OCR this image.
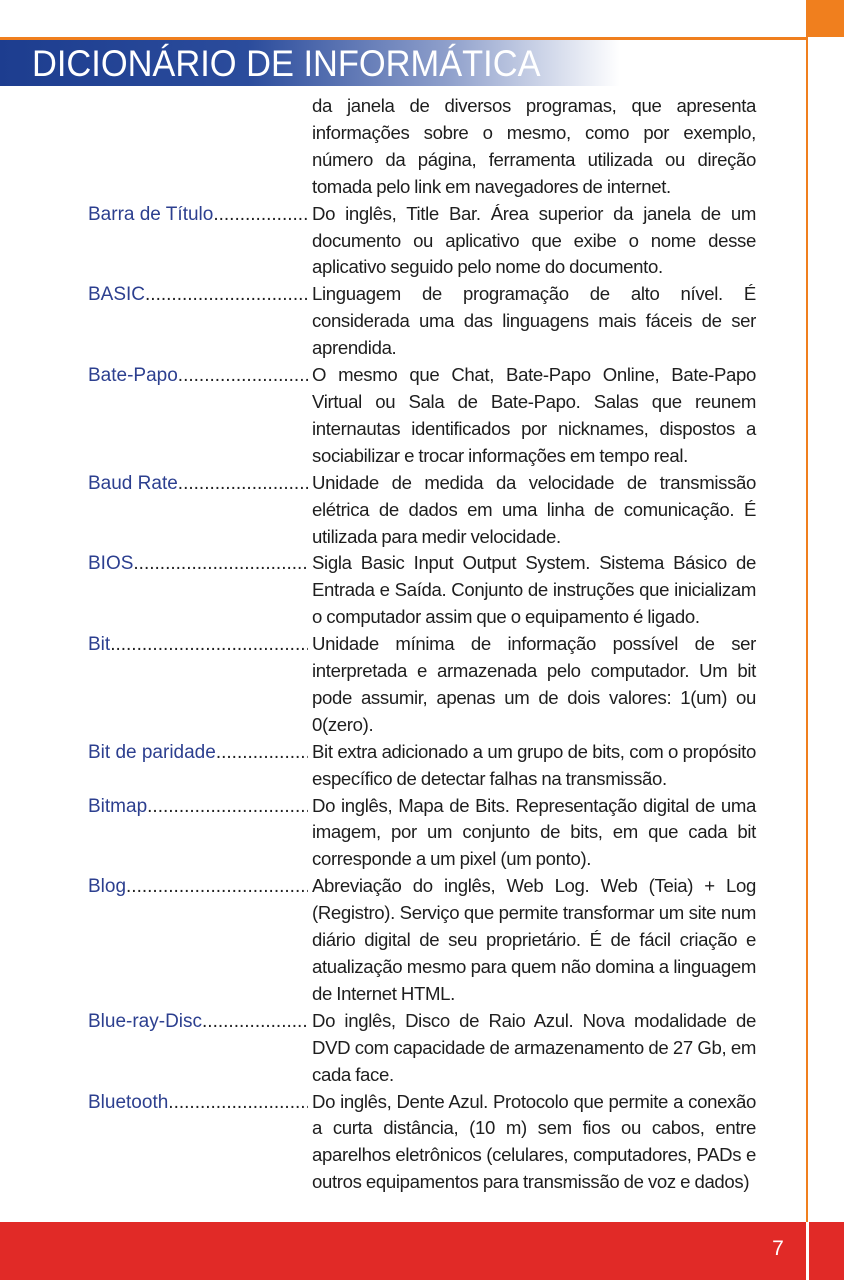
DICIONÁRIO DE INFORMÁTICA
da janela de diversos programas, que apresenta informações sobre o mesmo, como por exemplo, número da página, ferramenta utilizada ou direção tomada pelo link em navegadores de internet.
Barra de Título .....	Do inglês, Title Bar. Área superior da janela de um documento ou aplicativo que exibe o nome desse aplicativo seguido pelo nome do documento.
BASIC .....	Linguagem de programação de alto nível. É considerada uma das linguagens mais fáceis de ser aprendida.
Bate-Papo .....	O mesmo que Chat, Bate-Papo Online, Bate-Papo Virtual ou Sala de Bate-Papo. Salas que reunem internautas identificados por nicknames, dispostos a sociabilizar e trocar informações em tempo real.
Baud Rate .....	Unidade de medida da velocidade de transmissão elétrica de dados em uma linha de comunicação. É utilizada para medir velocidade.
BIOS .....	Sigla Basic Input Output System. Sistema Básico de Entrada e Saída. Conjunto de instruções que inicializam o computador assim que o equipamento é ligado.
Bit .....	Unidade mínima de informação possível de ser interpretada e armazenada pelo computador. Um bit pode assumir, apenas um de dois valores: 1(um) ou 0(zero).
Bit de paridade .....	Bit extra adicionado a um grupo de bits, com o propósito específico de detectar falhas na transmissão.
Bitmap .....	Do inglês, Mapa de Bits. Representação digital de uma imagem, por um conjunto de bits, em que cada bit corresponde a um pixel (um ponto).
Blog .....	Abreviação do inglês, Web Log. Web (Teia) + Log (Registro). Serviço que permite transformar um site num diário digital de seu proprietário. É de fácil criação e atualização mesmo para quem não domina a linguagem de Internet HTML.
Blue-ray-Disc .....	Do inglês, Disco de Raio Azul. Nova modalidade de DVD com capacidade de armazenamento de 27 Gb, em cada face.
Bluetooth .....	Do inglês, Dente Azul. Protocolo que permite a conexão a curta distância, (10 m) sem fios ou cabos, entre aparelhos eletrônicos (celulares, computadores, PADs e outros equipamentos para transmissão de voz e dados)
7
